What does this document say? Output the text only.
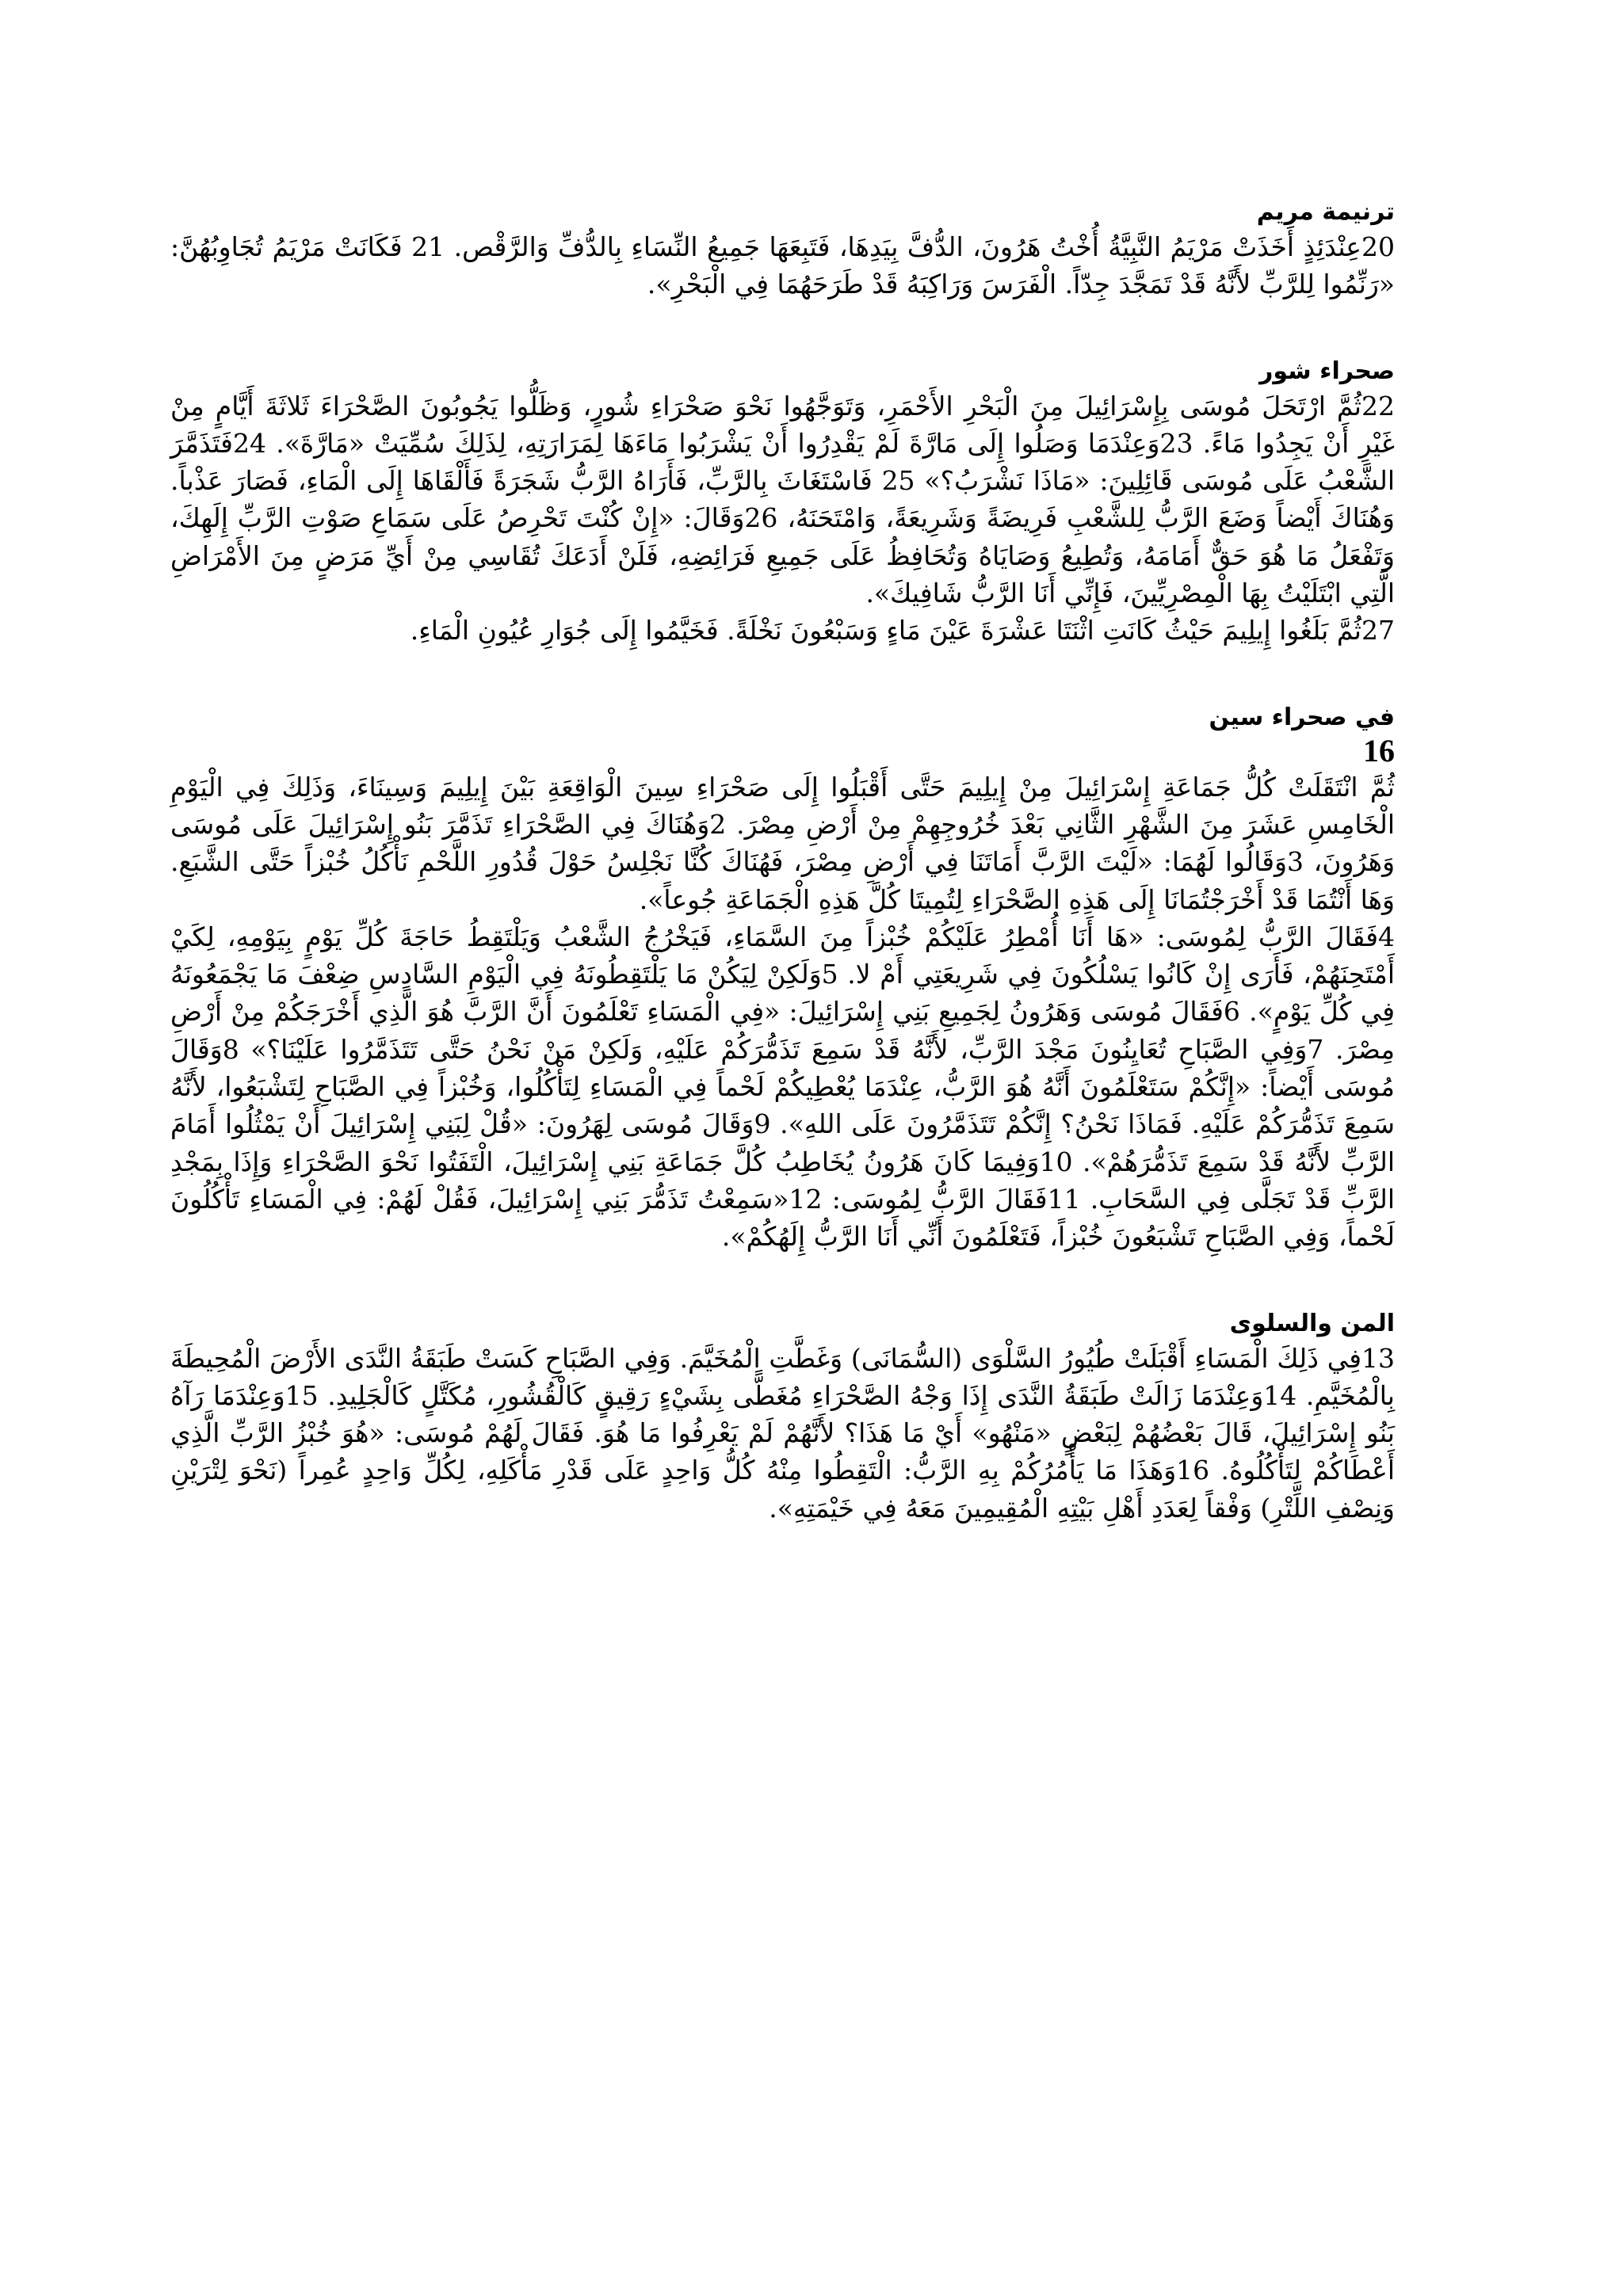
ترنيمة مريم

20عِنْدَئِذٍ أَخَذَتْ مَرْيَمُ النَّبِيَّةُ أُخْتُ هَرُونَ، الدُّفَّ بِيَدِهَا، فَتَبِعَهَا جَمِيعُ النِّسَاءِ بِالدُّفِّ وَالرَّقْص. 21 فَكَانَتْ مَرْيَمُ تُجَاوِبُهُنَّ: «رَنِّمُوا لِلرَّبِّ لأَنَّهُ قَدْ تَمَجَّدَ جِدّاً. الْفَرَسَ وَرَاكِبَهُ قَدْ طَرَحَهُمَا فِي الْبَحْرِ».

صحراء شور

22ثُمَّ ارْتَحَلَ مُوسَى بِإِسْرَائِيلَ مِنَ الْبَحْرِ الأَحْمَرِ، وَتَوَجَّهُوا نَحْوَ صَحْرَاءِ شُورٍ، وَظَلُّوا يَجُوبُونَ الصَّحْرَاءَ ثَلاثَةَ أَيَّامٍ مِنْ غَيْرِ أَنْ يَجِدُوا مَاءً. 23وَعِنْدَمَا وَصَلُوا إِلَى مَارَّةَ لَمْ يَقْدِرُوا أَنْ يَشْرَبُوا مَاءَهَا لِمَرَارَتِهِ، لِذَلِكَ سُمِّيَتْ «مَارَّةَ». 24فَتَذَمَّرَ الشَّعْبُ عَلَى مُوسَى قَائِلِينَ: «مَاذَا نَشْرَبُ؟» 25 فَاسْتَغَاثَ بِالرَّبِّ، فَأَرَاهُ الرَّبُّ شَجَرَةً فَأَلْقَاهَا إِلَى الْمَاءِ، فَصَارَ عَذْباً. وَهُنَاكَ أَيْضاً وَضَعَ الرَّبُّ لِلشَّعْبِ فَرِيضَةً وَشَرِيعَةً، وَامْتَحَنَهُ، 26وَقَالَ: «إِنْ كُنْتَ تَحْرِصُ عَلَى سَمَاعِ صَوْتِ الرَّبِّ إِلَهِكَ، وَتَفْعَلُ مَا هُوَ حَقٌّ أَمَامَهُ، وَتُطِيعُ وَصَايَاهُ وَتُحَافِظُ عَلَى جَمِيعِ فَرَائِضِهِ، فَلَنْ أَدَعَكَ تُقَاسِي مِنْ أَيِّ مَرَضٍ مِنَ الأَمْرَاضِ الَّتِي ابْتَلَيْتُ بِهَا الْمِصْرِيِّينَ، فَإِنِّي أَنَا الرَّبُّ شَافِيكَ».

27ثُمَّ بَلَغُوا إِيلِيمَ حَيْثُ كَانَتِ اثْنَتَا عَشْرَةَ عَيْنَ مَاءٍ وَسَبْعُونَ نَخْلَةً. فَخَيَّمُوا إِلَى جُوَارِ عُيُونِ الْمَاءِ.

في صحراء سين
16

ثُمَّ انْتَقَلَتْ كُلُّ جَمَاعَةِ إِسْرَائِيلَ مِنْ إِيلِيمَ حَتَّى أَقْبَلُوا إِلَى صَحْرَاءِ سِينَ الْوَاقِعَةِ بَيْنَ إِيلِيمَ وَسِينَاءَ، وَذَلِكَ فِي الْيَوْمِ الْخَامِسِ عَشَرَ مِنَ الشَّهْرِ الثَّانِي بَعْدَ خُرُوجِهِمْ مِنْ أَرْضِ مِصْرَ. 2وَهُنَاكَ فِي الصَّحْرَاءِ تَذَمَّرَ بَنُو إِسْرَائِيلَ عَلَى مُوسَى وَهَرُونَ، 3وَقَالُوا لَهُمَا: «لَيْتَ الرَّبَّ أَمَاتَنَا فِي أَرْضِ مِصْرَ، فَهُنَاكَ كُنَّا نَجْلِسُ حَوْلَ قُدُورِ اللَّحْمِ نَأْكُلُ خُبْزاً حَتَّى الشَّبَعِ. وَهَا أَنْتُمَا قَدْ أَخْرَجْتُمَانَا إِلَى هَذِهِ الصَّحْرَاءِ لِتُمِيتَا كُلَّ هَذِهِ الْجَمَاعَةِ جُوعاً».

4فَقَالَ الرَّبُّ لِمُوسَى: «هَا أَنَا أُمْطِرُ عَلَيْكُمْ خُبْزاً مِنَ السَّمَاءِ، فَيَخْرُجُ الشَّعْبُ وَيَلْتَقِطُ حَاجَةَ كُلِّ يَوْمٍ بِيَوْمِهِ، لِكَيْ أَمْتَحِنَهُمْ، فَأَرَى إِنْ كَانُوا يَسْلُكُونَ فِي شَرِيعَتِي أَمْ لا. 5وَلَكِنْ لِيَكُنْ مَا يَلْتَقِطُونَهُ فِي الْيَوْمِ السَّادِسِ ضِعْفَ مَا يَجْمَعُونَهُ فِي كُلِّ يَوْمٍ». 6فَقَالَ مُوسَى وَهَرُونُ لِجَمِيعِ بَنِي إِسْرَائِيلَ: «فِي الْمَسَاءِ تَعْلَمُونَ أَنَّ الرَّبَّ هُوَ الَّذِي أَخْرَجَكُمْ مِنْ أَرْضِ مِصْرَ. 7وَفِي الصَّبَاحِ تُعَايِنُونَ مَجْدَ الرَّبِّ، لأَنَّهُ قَدْ سَمِعَ تَذَمُّرَكُمْ عَلَيْهِ، وَلَكِنْ مَنْ نَحْنُ حَتَّى تَتَذَمَّرُوا عَلَيْنَا؟» 8وَقَالَ مُوسَى أَيْضاً: «إِنَّكُمْ سَتَعْلَمُونَ أَنَّهُ هُوَ الرَّبُّ، عِنْدَمَا يُعْطِيكُمْ لَحْماً فِي الْمَسَاءِ لِتَأْكُلُوا، وَخُبْزاً فِي الصَّبَاحِ لِتَشْبَعُوا، لأَنَّهُ سَمِعَ تَذَمُّرَكُمْ عَلَيْهِ. فَمَاذَا نَحْنُ؟ إِنَّكُمْ تَتَذَمَّرُونَ عَلَى اللهِ». 9وَقَالَ مُوسَى لِهَرُونَ: «قُلْ لِبَنِي إِسْرَائِيلَ أَنْ يَمْثُلُوا أَمَامَ الرَّبِّ لأَنَّهُ قَدْ سَمِعَ تَذَمُّرَهُمْ». 10وَفِيمَا كَانَ هَرُونُ يُخَاطِبُ كُلَّ جَمَاعَةِ بَنِي إِسْرَائِيلَ، الْتَفَتُوا نَحْوَ الصَّحْرَاءِ وَإِذَا بِمَجْدِ الرَّبِّ قَدْ تَجَلَّى فِي السَّحَابِ. 11فَقَالَ الرَّبُّ لِمُوسَى: 12«سَمِعْتُ تَذَمُّرَ بَنِي إِسْرَائِيلَ، فَقُلْ لَهُمْ: فِي الْمَسَاءِ تَأْكُلُونَ لَحْماً، وَفِي الصَّبَاحِ تَشْبَعُونَ خُبْزاً، فَتَعْلَمُونَ أَنِّي أَنَا الرَّبُّ إِلَهُكُمْ».

المن والسلوى

13فِي ذَلِكَ الْمَسَاءِ أَقْبَلَتْ طُيُورُ السَّلْوَى (السُّمَانَى) وَغَطَّتِ الْمُخَيَّمَ. وَفِي الصَّبَاحِ كَسَتْ طَبَقَةُ النَّدَى الأَرْضَ الْمُحِيطَةَ بِالْمُخَيَّمِ. 14وَعِنْدَمَا زَالَتْ طَبَقَةُ النَّدَى إِذَا وَجْهُ الصَّحْرَاءِ مُغَطًّى بِشَيْءٍ رَقِيقٍ كَالْقُشُورِ، مُكَتَّلٍ كَالْجَلِيدِ. 15وَعِنْدَمَا رَآهُ بَنُو إِسْرَائِيلَ، قَالَ بَعْضُهُمْ لِبَعْضٍ «مَنْهُو» أَيْ مَا هَذَا؟ لأَنَّهُمْ لَمْ يَعْرِفُوا مَا هُوَ. فَقَالَ لَهُمْ مُوسَى: «هُوَ خُبْزُ الرَّبِّ الَّذِي أَعْطَاكُمْ لِتَأْكُلُوهُ. 16وَهَذَا مَا يَأْمُرُكُمْ بِهِ الرَّبُّ: الْتَقِطُوا مِنْهُ كُلُّ وَاحِدٍ عَلَى قَدْرِ مَأْكَلِهِ، لِكُلِّ وَاحِدٍ عُمِراً (نَحْوَ لِتْرَيْنِ وَنِصْفِ اللِّتْرِ) وَفْقاً لِعَدَدِ أَهْلِ بَيْتِهِ الْمُقِيمِينَ مَعَهُ فِي خَيْمَتِهِ».
